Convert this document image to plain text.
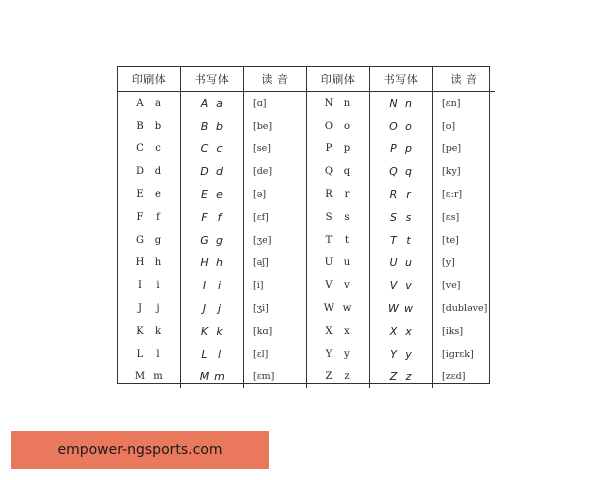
印刷体	书写体	读 音	印刷体	书写体	读 音
A a	A a	[ɑ]	N n	N n	[ɛn]
B b	B b	[be]	O o	O o	[o]
C c	C c	[se]	P p	P p	[pe]
D d	D d	[de]	Q q	Q q	[ky]
E e	E e	[ə]	R r	R r	[ɛ:r]
F f	F f	[ɛf]	S s	S s	[ɛs]
G g	G g	[ʒe]	T t	T t	[te]
H h	H h	[aʃ]	U u	U u	[y]
I i	I i	[i]	V v	V v	[ve]
J j	J j	[ʒi]	W w	W w	[dubləve]
K k	K k	[kɑ]	X x	X x	[iks]
L l	L l	[ɛl]	Y y	Y y	[igrɛk]
M m	M m	[ɛm]	Z z	Z z	[zɛd]
empower-ngsports.com
